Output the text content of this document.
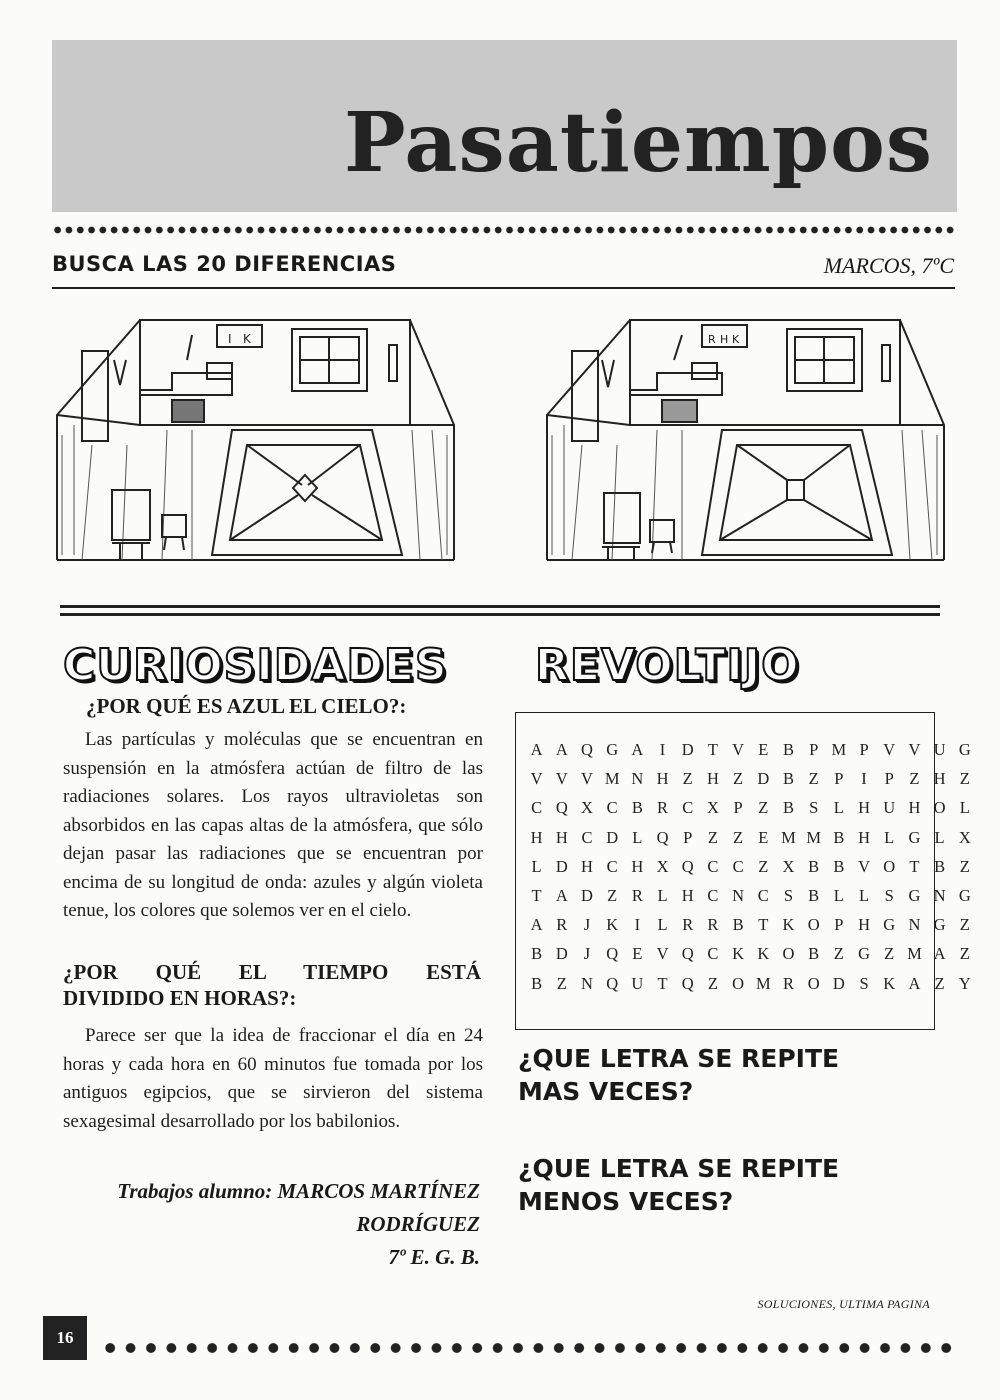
Pasatiempos
BUSCA LAS 20 DIFERENCIAS	MARCOS, 7ºC
I K	R H K
CURIOSIDADES
¿POR QUÉ ES AZUL EL CIELO?:
Las partículas y moléculas que se encuentran en suspensión en la atmósfera actúan de filtro de las radiaciones solares. Los rayos ultravioletas son absorbidos en las capas altas de la atmósfera, que sólo dejan pasar las radiaciones que se encuentran por encima de su longitud de onda: azules y algún violeta tenue, los colores que solemos ver en el cielo.
¿POR QUÉ EL TIEMPO ESTÁ
DIVIDIDO EN HORAS?:
Parece ser que la idea de fraccionar el día en 24 horas y cada hora en 60 minutos fue tomada por los antiguos egipcios, que se sirvieron del sistema sexagesimal desarrollado por los babilonios.
Trabajos alumno: MARCOS MARTÍNEZ
RODRÍGUEZ
7º E. G. B.
REVOLTIJO
A A Q G A I D T V E B P M P V V U G
V V V M N H Z H Z D B Z P	I	P Z H Z
C Q X C B R C X P Z B S L H U H O L
H H C D L Q P Z Z E M M B H L G L X
L D H C H X Q C C Z X B B V O T B Z
T A D Z R L H C N C S B L L S G N G
A R J K I	L R R B T K O P H G N G Z
B D J Q E V Q C K K O B Z G Z M A Z
B Z N Q U T Q Z O M R O D S K A Z Y
¿QUE LETRA SE REPITE
MAS VECES?
¿QUE LETRA SE REPITE
MENOS VECES?
SOLUCIONES, ULTIMA PAGINA
16
